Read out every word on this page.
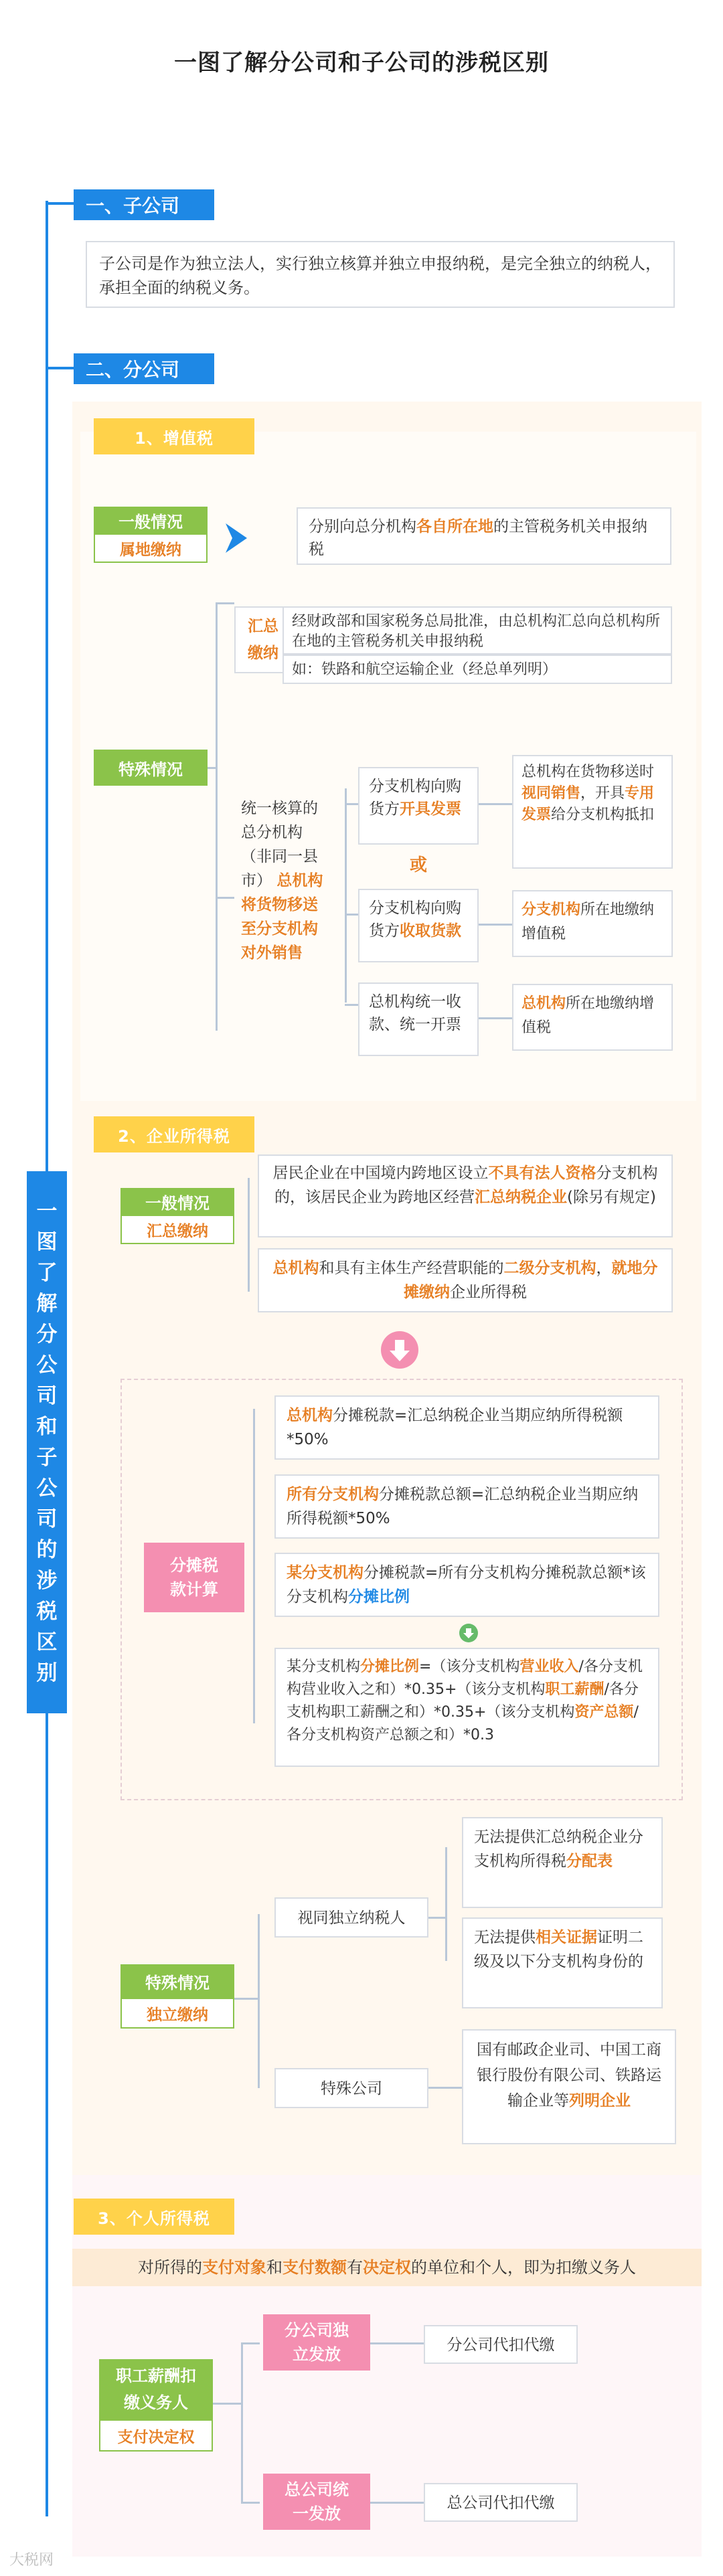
一图了解分公司和子公司的涉税区别
一图了解分公司和子公司的涉税区别
一、子公司
子公司是作为独立法人，实行独立核算并独立申报纳税，是完全独立的纳税人，承担全面的纳税义务。
二、分公司
1、增值税
一般情况
属地缴纳
分别向总分机构各自所在地的主管税务机关申报纳税
特殊情况
汇总缴纳
经财政部和国家税务总局批准，由总机构汇总向总机构所在地的主管税务机关申报纳税
如：铁路和航空运输企业（经总单列明）
统一核算的总分机构（非同一县市） 总机构将货物移送至分支机构对外销售
分支机构向购货方开具发票
或
分支机构向购货方收取货款
总机构统一收款、统一开票
总机构在货物移送时视同销售，开具专用发票给分支机构抵扣
分支机构所在地缴纳增值税
总机构所在地缴纳增值税
2、企业所得税
一般情况
汇总缴纳
居民企业在中国境内跨地区设立不具有法人资格分支机构的，该居民企业为跨地区经营汇总纳税企业(除另有规定)
总机构和具有主体生产经营职能的二级分支机构，就地分摊缴纳企业所得税
分摊税款计算
总机构分摊税款=汇总纳税企业当期应纳所得税额*50%
所有分支机构分摊税款总额=汇总纳税企业当期应纳所得税额*50%
某分支机构分摊税款=所有分支机构分摊税款总额*该分支机构分摊比例
某分支机构分摊比例=（该分支机构营业收入/各分支机构营业收入之和）*0.35+（该分支机构职工薪酬/各分支机构职工薪酬之和）*0.35+（该分支机构资产总额/各分支机构资产总额之和）*0.3
特殊情况
独立缴纳
视同独立纳税人
无法提供汇总纳税企业分支机构所得税分配表
无法提供相关证据证明二级及以下分支机构身份的
特殊公司
国有邮政企业司、中国工商银行股份有限公司、铁路运输企业等列明企业
3、个人所得税
对所得的支付对象和支付数额有决定权的单位和个人，即为扣缴义务人
职工薪酬扣缴义务人
支付决定权
分公司独立发放	分公司代扣代缴
总公司统一发放
总公司代扣代缴
大税网
